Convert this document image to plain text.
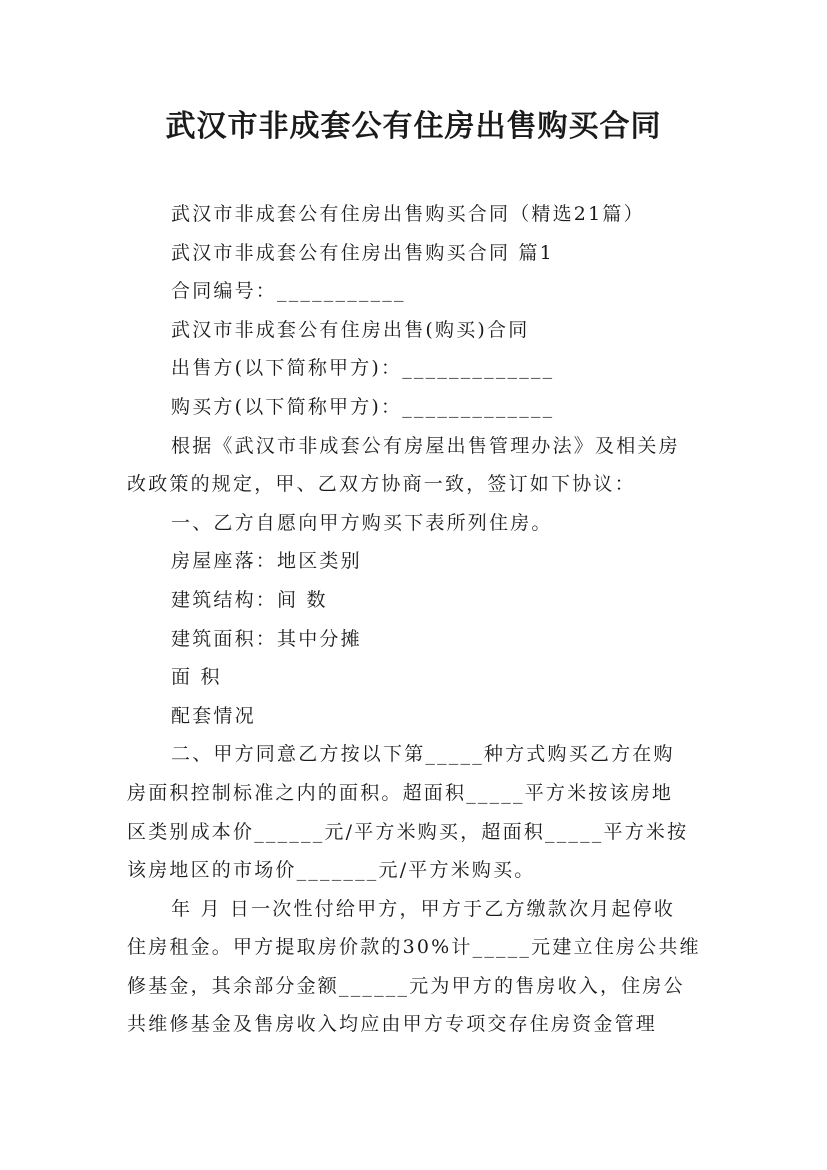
武汉市非成套公有住房出售购买合同

武汉市非成套公有住房出售购买合同（精选21篇）

武汉市非成套公有住房出售购买合同 篇1

合同编号：___________

武汉市非成套公有住房出售(购买)合同

出售方(以下简称甲方)：_____________

购买方(以下简称甲方)：_____________

根据《武汉市非成套公有房屋出售管理办法》及相关房

改政策的规定，甲、乙双方协商一致，签订如下协议：

一、乙方自愿向甲方购买下表所列住房。

房屋座落：地区类别

建筑结构：间 数

建筑面积：其中分摊

面 积

配套情况

二、甲方同意乙方按以下第_____种方式购买乙方在购

房面积控制标准之内的面积。超面积_____平方米按该房地

区类别成本价______元/平方米购买，超面积_____平方米按

该房地区的市场价_______元/平方米购买。

年 月 日一次性付给甲方，甲方于乙方缴款次月起停收

住房租金。甲方提取房价款的30%计_____元建立住房公共维

修基金，其余部分金额______元为甲方的售房收入，住房公

共维修基金及售房收入均应由甲方专项交存住房资金管理
